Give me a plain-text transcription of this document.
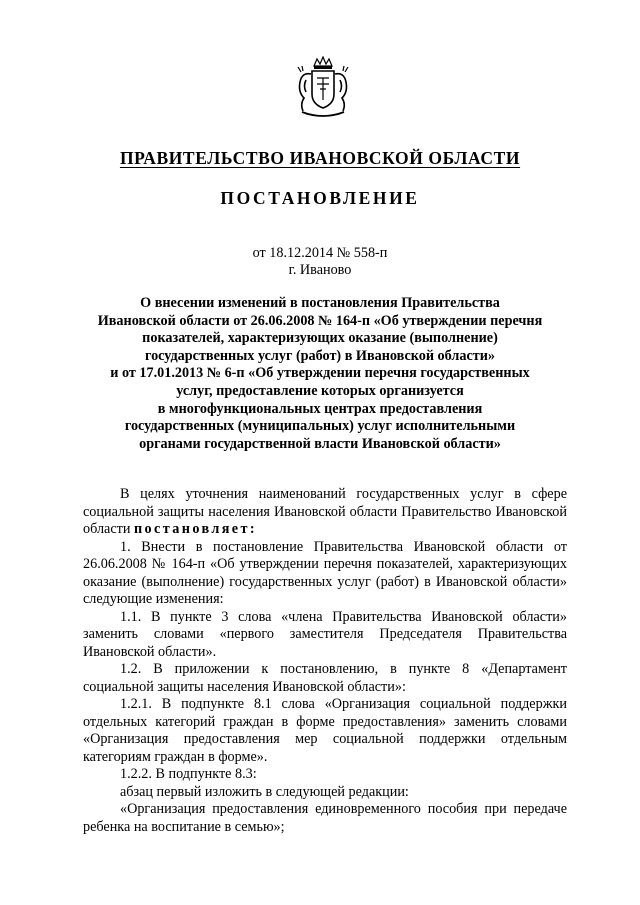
ПРАВИТЕЛЬСТВО ИВАНОВСКОЙ ОБЛАСТИ
ПОСТАНОВЛЕНИЕ
от 18.12.2014 № 558-п
г. Иваново
О внесении изменений в постановления Правительства
Ивановской области от 26.06.2008 № 164-п «Об утверждении перечня
показателей, характеризующих оказание (выполнение)
государственных услуг (работ) в Ивановской области»
и от 17.01.2013 № 6-п «Об утверждении перечня государственных
услуг, предоставление которых организуется
в многофункциональных центрах предоставления
государственных (муниципальных) услуг исполнительными
органами государственной власти Ивановской области»

В целях уточнения наименований государственных услуг в сфере социальной защиты населения Ивановской области Правительство Ивановской области постановляет:

1. Внести в постановление Правительства Ивановской области от 26.06.2008 № 164-п «Об утверждении перечня показателей, характеризующих оказание (выполнение) государственных услуг (работ) в Ивановской области» следующие изменения:

1.1. В пункте 3 слова «члена Правительства Ивановской области» заменить словами «первого заместителя Председателя Правительства Ивановской области».

1.2. В приложении к постановлению, в пункте 8 «Департамент социальной защиты населения Ивановской области»:

1.2.1. В подпункте 8.1 слова «Организация социальной поддержки отдельных категорий граждан в форме предоставления» заменить словами «Организация предоставления мер социальной поддержки отдельным категориям граждан в форме».

1.2.2. В подпункте 8.3:

абзац первый изложить в следующей редакции:

«Организация предоставления единовременного пособия при передаче ребенка на воспитание в семью»;
